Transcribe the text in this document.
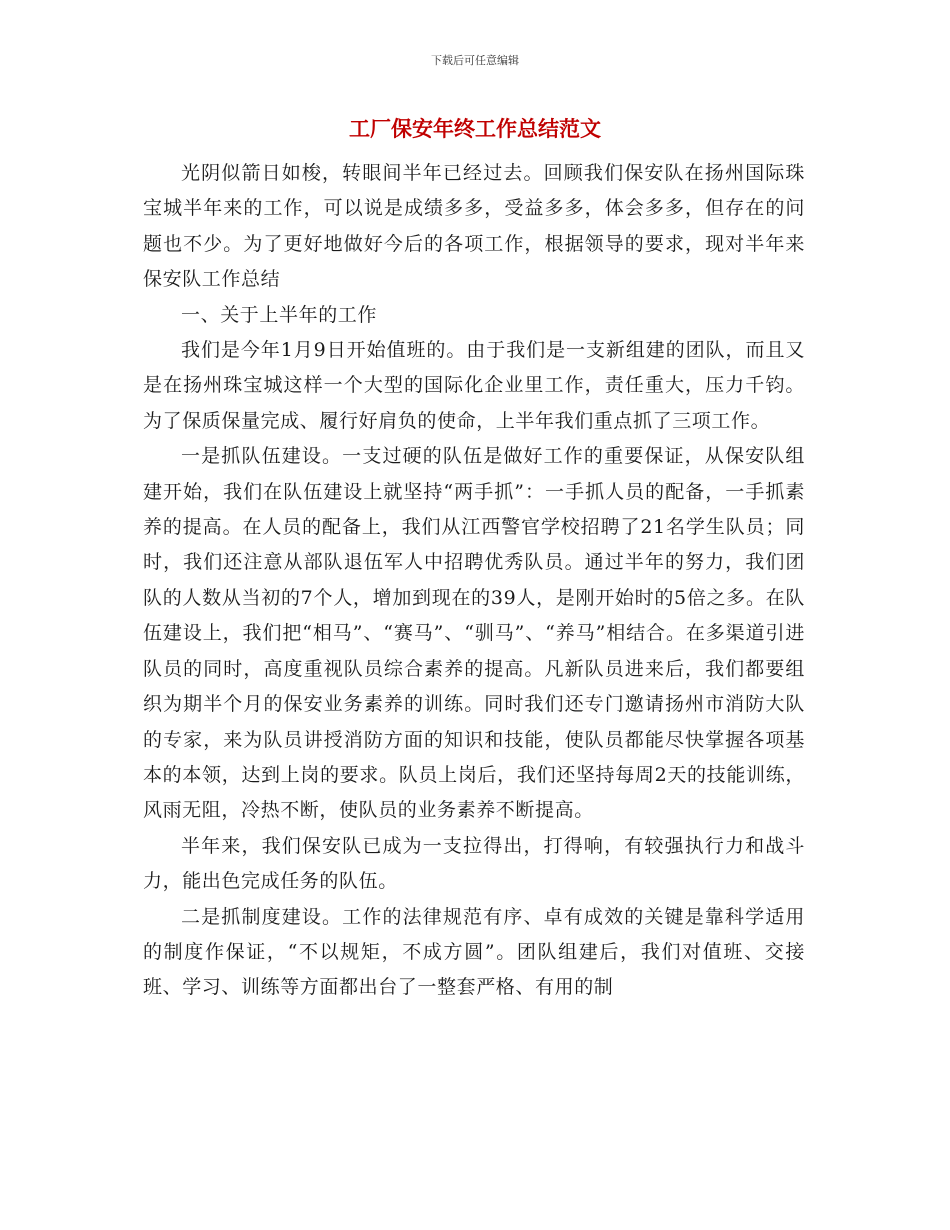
下载后可任意编辑
工厂保安年终工作总结范文

光阴似箭日如梭，转眼间半年已经过去。回顾我们保安队在扬州国际珠宝城半年来的工作，可以说是成绩多多，受益多多，体会多多，但存在的问题也不少。为了更好地做好今后的各项工作，根据领导的要求，现对半年来保安队工作总结

一、关于上半年的工作

我们是今年1月9日开始值班的。由于我们是一支新组建的团队，而且又是在扬州珠宝城这样一个大型的国际化企业里工作，责任重大，压力千钧。为了保质保量完成、履行好肩负的使命，上半年我们重点抓了三项工作。

一是抓队伍建设。一支过硬的队伍是做好工作的重要保证，从保安队组建开始，我们在队伍建设上就坚持“两手抓”：一手抓人员的配备，一手抓素养的提高。在人员的配备上，我们从江西警官学校招聘了21名学生队员；同时，我们还注意从部队退伍军人中招聘优秀队员。通过半年的努力，我们团队的人数从当初的7个人，增加到现在的39人，是刚开始时的5倍之多。在队伍建设上，我们把“相马”、“赛马”、“驯马”、“养马”相结合。在多渠道引进队员的同时，高度重视队员综合素养的提高。凡新队员进来后，我们都要组织为期半个月的保安业务素养的训练。同时我们还专门邀请扬州市消防大队的专家，来为队员讲授消防方面的知识和技能，使队员都能尽快掌握各项基本的本领，达到上岗的要求。队员上岗后，我们还坚持每周2天的技能训练，风雨无阻，冷热不断，使队员的业务素养不断提高。

半年来，我们保安队已成为一支拉得出，打得响，有较强执行力和战斗力，能出色完成任务的队伍。

二是抓制度建设。工作的法律规范有序、卓有成效的关键是靠科学适用的制度作保证，“不以规矩，不成方圆”。团队组建后，我们对值班、交接班、学习、训练等方面都出台了一整套严格、有用的制
